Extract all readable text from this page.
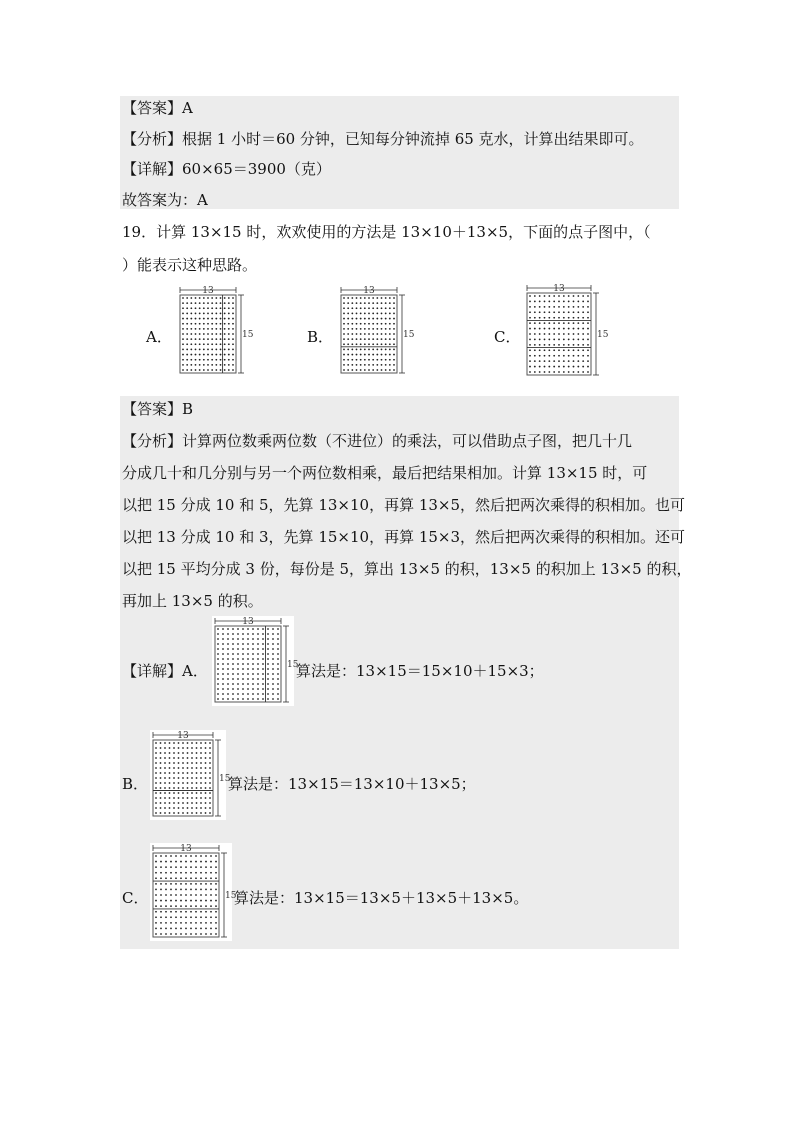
【答案】A
【分析】根据 1 小时＝60 分钟，已知每分钟流掉 65 克水，计算出结果即可。
【详解】60×65＝3900（克）
故答案为：A
19．计算 13×15 时，欢欢使用的方法是 13×10＋13×5，下面的点子图中，（
）能表示这种思路。
A．
13
15	B．
13
15	C．
13
15
【答案】B
【分析】计算两位数乘两位数（不进位）的乘法，可以借助点子图，把几十几
分成几十和几分别与另一个两位数相乘，最后把结果相加。计算 13×15 时，可
以把 15 分成 10 和 5，先算 13×10，再算 13×5，然后把两次乘得的积相加。也可
以把 13 分成 10 和 3，先算 15×10，再算 15×3，然后把两次乘得的积相加。还可
以把 15 平均分成 3 份，每份是 5，算出 13×5 的积，13×5 的积加上 13×5 的积，
再加上 13×5 的积。
【详解】A．
13
15
算法是：13×15＝15×10＋15×3；
B．
13
15
算法是：13×15＝13×10＋13×5；
C．
13
15
算法是：13×15＝13×5＋13×5＋13×5。
